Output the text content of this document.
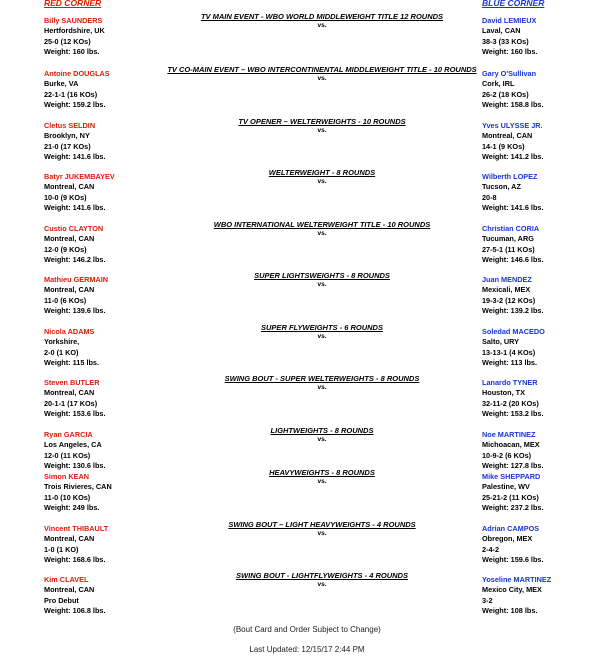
RED CORNER	BLUE CORNER
TV MAIN EVENT - WBO WORLD MIDDLEWEIGHT TITLE 12 ROUNDS
vs.
Billy SAUNDERS
Hertfordshire, UK
25-0 (12 KOs)
Weight: 160 lbs.
David LEMIEUX
Laval, CAN
38-3 (33 KOs)
Weight: 160 lbs.
TV CO-MAIN EVENT – WBO INTERCONTINENTAL MIDDLEWEIGHT TITLE - 10 ROUNDS
vs.
Antoine DOUGLAS
Burke, VA
22-1-1 (16 KOs)
Weight: 159.2 lbs.
Gary O'Sullivan
Cork, IRL
26-2 (18 KOs)
Weight: 158.8 lbs.
TV OPENER – WELTERWEIGHTS - 10 ROUNDS
vs.
Cletus SELDIN
Brooklyn, NY
21-0 (17 KOs)
Weight: 141.6 lbs.
Yves ULYSSE JR.
Montreal, CAN
14-1 (9 KOs)
Weight: 141.2 lbs.
WELTERWEIGHT - 8 ROUNDS
vs.
Batyr JUKEMBAYEV
Montreal, CAN
10-0 (9 KOs)
Weight: 141.6 lbs.
Wilberth LOPEZ
Tucson, AZ
20-8
Weight: 141.6 lbs.
WBO INTERNATIONAL WELTERWEIGHT TITLE - 10 ROUNDS
vs.
Custio CLAYTON
Montreal, CAN
12-0 (9 KOs)
Weight: 146.2 lbs.
Christian CORIA
Tucuman, ARG
27-5-1 (11 KOs)
Weight: 146.6 lbs.
SUPER LIGHTSWEIGHTS - 8 ROUNDS
vs.
Mathieu GERMAIN
Montreal, CAN
11-0 (6 KOs)
Weight: 139.6 lbs.
Juan MENDEZ
Mexicali, MEX
19-3-2 (12 KOs)
Weight: 139.2 lbs.
SUPER FLYWEIGHTS - 6 ROUNDS
vs.
Nicola ADAMS
Yorkshire,
2-0 (1 KO)
Weight: 115 lbs.
Soledad MACEDO
Salto, URY
13-13-1 (4 KOs)
Weight: 113 lbs.
SWING BOUT - SUPER WELTERWEIGHTS - 8 ROUNDS
vs.
Steven BUTLER
Montreal, CAN
20-1-1 (17 KOs)
Weight: 153.6 lbs.
Lanardo TYNER
Houston, TX
32-11-2 (20 KOs)
Weight: 153.2 lbs.
LIGHTWEIGHTS - 8 ROUNDS
vs.
Ryan GARCIA
Los Angeles, CA
12-0 (11 KOs)
Weight: 130.6 lbs.
Noe MARTINEZ
Michoacan, MEX
10-9-2 (6 KOs)
Weight: 127.8 lbs.
HEAVYWEIGHTS - 8 ROUNDS
vs.
Simon KEAN
Trois Rivieres, CAN
11-0 (10 KOs)
Weight: 249 lbs.
Mike SHEPPARD
Palestine, WV
25-21-2 (11 KOs)
Weight: 237.2 lbs.
SWING BOUT – LIGHT HEAVYWEIGHTS - 4 ROUNDS
vs.
Vincent THIBAULT
Montreal, CAN
1-0 (1 KO)
Weight: 168.6 lbs.
Adrian CAMPOS
Obregon, MEX
2-4-2
Weight: 159.6 lbs.
SWING BOUT - LIGHTFLYWEIGHTS - 4 ROUNDS
vs.
Kim CLAVEL
Montreal, CAN
Pro Debut
Weight: 106.8 lbs.
Yoseline MARTINEZ
Mexico City, MEX
3-2
Weight: 108 lbs.
(Bout Card and Order Subject to Change)
Last Updated: 12/15/17 2:44 PM
